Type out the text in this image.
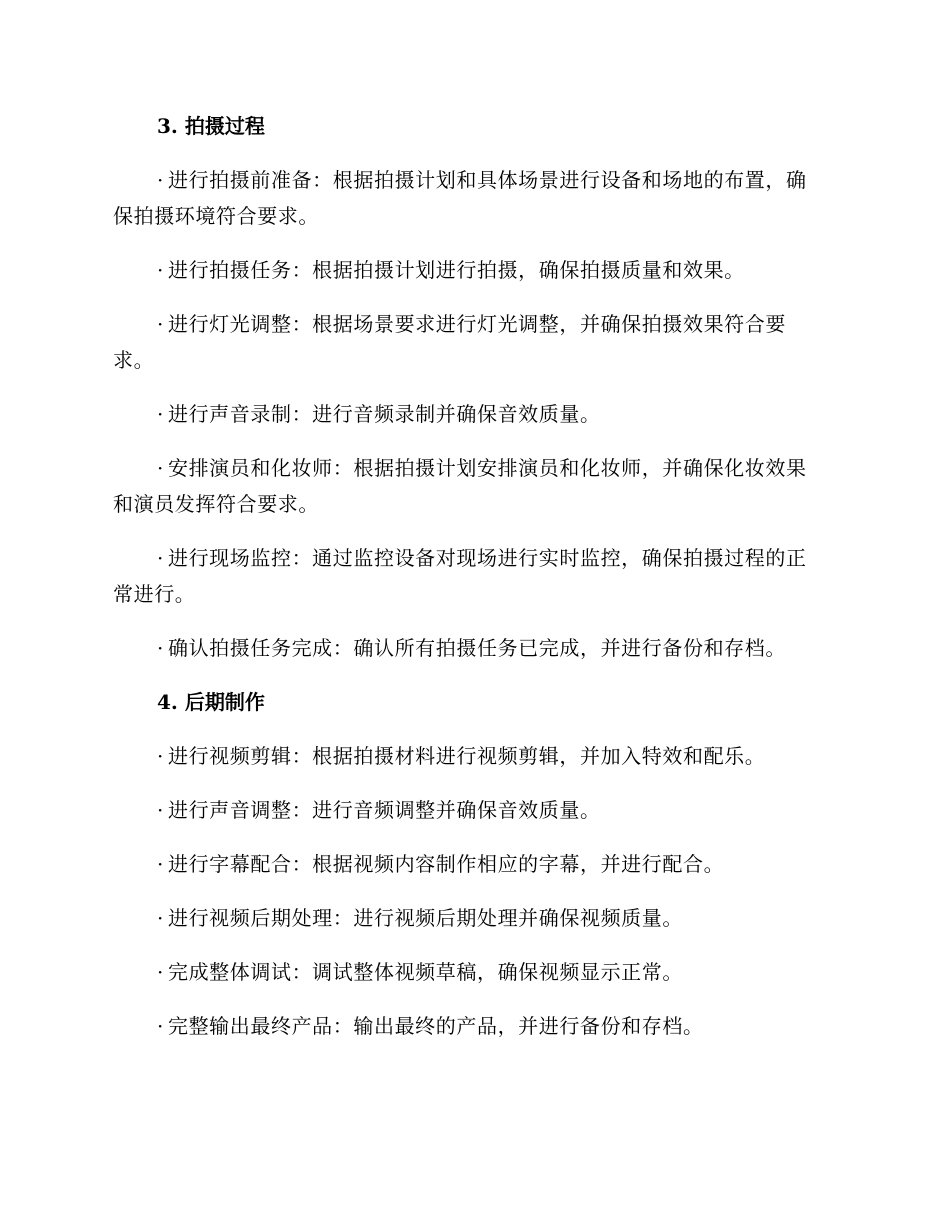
3. 拍摄过程

· 进行拍摄前准备：根据拍摄计划和具体场景进行设备和场地的布置，确保拍摄环境符合要求。

· 进行拍摄任务：根据拍摄计划进行拍摄，确保拍摄质量和效果。

· 进行灯光调整：根据场景要求进行灯光调整，并确保拍摄效果符合要求。

· 进行声音录制：进行音频录制并确保音效质量。

· 安排演员和化妆师：根据拍摄计划安排演员和化妆师，并确保化妆效果和演员发挥符合要求。

· 进行现场监控：通过监控设备对现场进行实时监控，确保拍摄过程的正常进行。

· 确认拍摄任务完成：确认所有拍摄任务已完成，并进行备份和存档。

4. 后期制作

· 进行视频剪辑：根据拍摄材料进行视频剪辑，并加入特效和配乐。

· 进行声音调整：进行音频调整并确保音效质量。

· 进行字幕配合：根据视频内容制作相应的字幕，并进行配合。

· 进行视频后期处理：进行视频后期处理并确保视频质量。

· 完成整体调试：调试整体视频草稿，确保视频显示正常。

· 完整输出最终产品：输出最终的产品，并进行备份和存档。
